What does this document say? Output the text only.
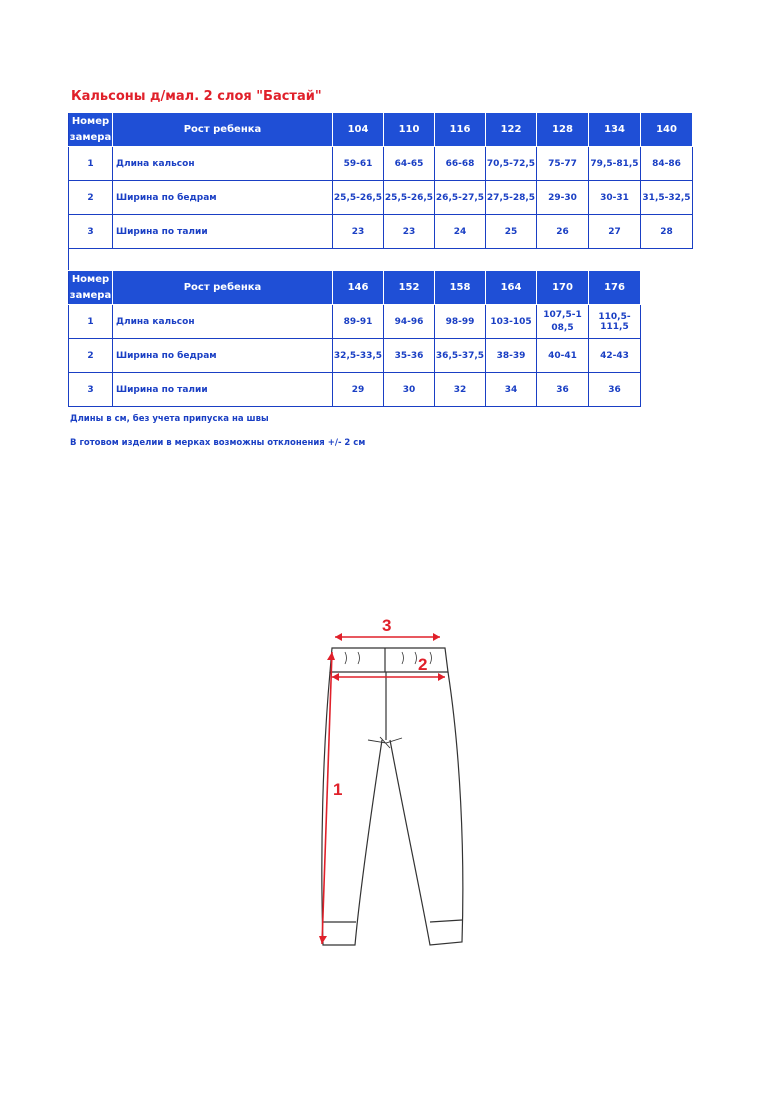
Кальсоны д/мал. 2 слоя "Бастай"
Номер
замера	Рост ребенка	104	110	116	122	128	134	140
1	Длина кальсон	59-61	64-65	66-68	70,5-72,5	75-77	79,5-81,5	84-86
2	Ширина по бедрам	25,5-26,5	25,5-26,5	26,5-27,5	27,5-28,5	29-30	30-31	31,5-32,5
3	Ширина по талии	23	23	24	25	26	27	28
Номер
замера	Рост ребенка	146	152	158	164	170	176
1	Длина кальсон	89-91	94-96	98-99	103-105	107,5-108,5	110,5-111,5
2	Ширина по бедрам	32,5-33,5	35-36	36,5-37,5	38-39	40-41	42-43
3	Ширина по талии	29	30	32	34	36	36
Длины в см, без учета припуска на швы
В готовом изделии в мерках возможны отклонения +/- 2 см
3
2
1
